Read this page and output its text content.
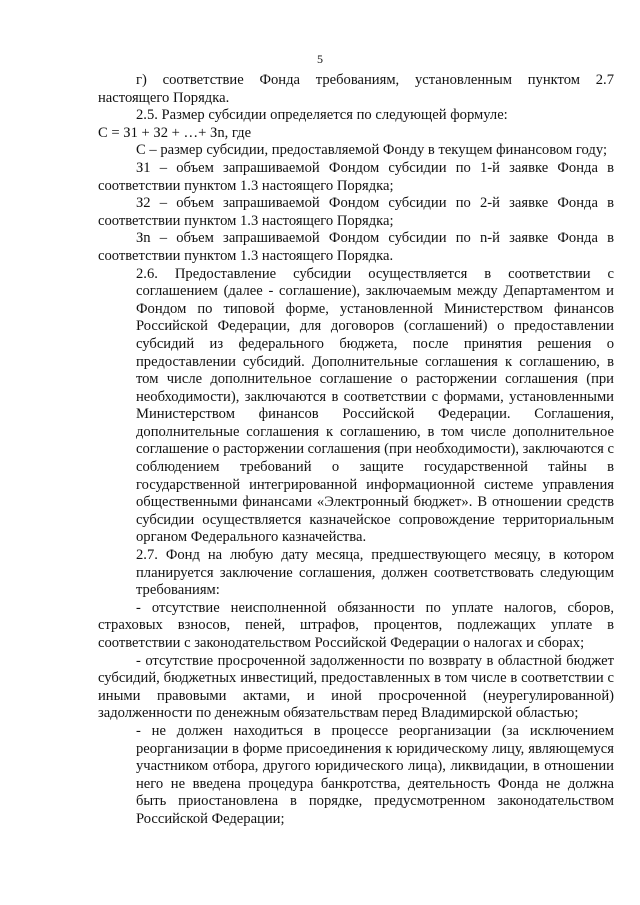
5

г) соответствие Фонда требованиям, установленным пунктом 2.7 настоящего Порядка.

2.5. Размер субсидии определяется по следующей формуле:

С = З1 + З2 + …+ Зn, где

С – размер субсидии, предоставляемой Фонду в текущем финансовом году;

З1 – объем запрашиваемой Фондом субсидии по 1-й заявке Фонда в соответствии пунктом 1.3 настоящего Порядка;

З2 – объем запрашиваемой Фондом субсидии по 2-й заявке Фонда в соответствии пунктом 1.3 настоящего Порядка;

Зn – объем запрашиваемой Фондом субсидии по n-й заявке Фонда в соответствии пунктом 1.3 настоящего Порядка.

2.6. Предоставление субсидии осуществляется в соответствии с соглашением (далее - соглашение), заключаемым между Департаментом и Фондом по типовой форме, установленной Министерством финансов Российской Федерации, для договоров (соглашений) о предоставлении субсидий из федерального бюджета, после принятия решения о предоставлении субсидий. Дополнительные соглашения к соглашению, в том числе дополнительное соглашение о расторжении соглашения (при необходимости), заключаются в соответствии с формами, установленными Министерством финансов Российской Федерации. Соглашения, дополнительные соглашения к соглашению, в том числе дополнительное соглашение о расторжении соглашения (при необходимости), заключаются с соблюдением требований о защите государственной тайны в государственной интегрированной информационной системе управления общественными финансами «Электронный бюджет». В отношении средств субсидии осуществляется казначейское сопровождение территориальным органом Федерального казначейства.

2.7. Фонд на любую дату месяца, предшествующего месяцу, в котором планируется заключение соглашения, должен соответствовать следующим требованиям:

- отсутствие неисполненной обязанности по уплате налогов, сборов, страховых взносов, пеней, штрафов, процентов, подлежащих уплате в соответствии с законодательством Российской Федерации о налогах и сборах;

- отсутствие просроченной задолженности по возврату в областной бюджет субсидий, бюджетных инвестиций, предоставленных в том числе в соответствии с иными правовыми актами, и иной просроченной (неурегулированной) задолженности по денежным обязательствам перед Владимирской областью;

- не должен находиться в процессе реорганизации (за исключением реорганизации в форме присоединения к юридическому лицу, являющемуся участником отбора, другого юридического лица), ликвидации, в отношении него не введена процедура банкротства, деятельность Фонда не должна быть приостановлена в порядке, предусмотренном законодательством Российской Федерации;
